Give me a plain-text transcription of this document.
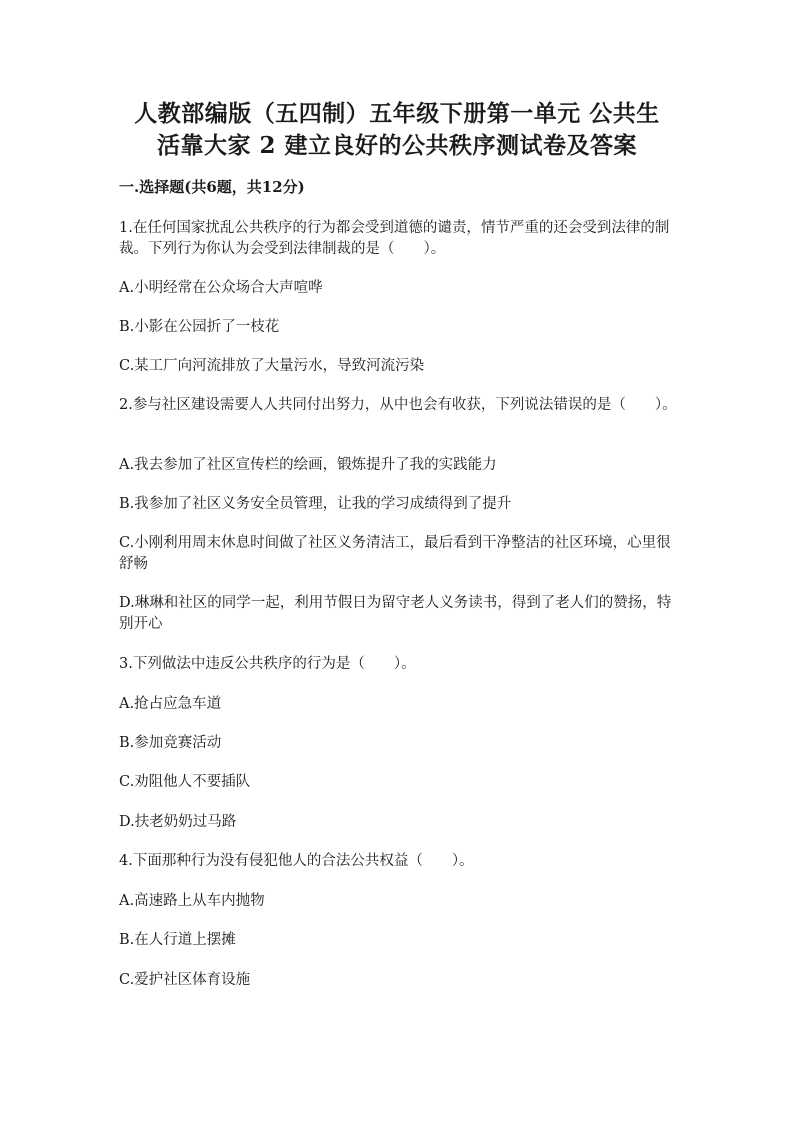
人教部编版（五四制）五年级下册第一单元 公共生
活靠大家 2 建立良好的公共秩序测试卷及答案
一.选择题(共6题，共12分)
1.在任何国家扰乱公共秩序的行为都会受到道德的谴责，情节严重的还会受到法律的制裁。下列行为你认为会受到法律制裁的是（　　）。
A.小明经常在公众场合大声喧哗
B.小影在公园折了一枝花
C.某工厂向河流排放了大量污水，导致河流污染
2.参与社区建设需要人人共同付出努力，从中也会有收获，下列说法错误的是（　　）。
A.我去参加了社区宣传栏的绘画，锻炼提升了我的实践能力
B.我参加了社区义务安全员管理，让我的学习成绩得到了提升
C.小刚利用周末休息时间做了社区义务清洁工，最后看到干净整洁的社区环境，心里很舒畅
D.琳琳和社区的同学一起，利用节假日为留守老人义务读书，得到了老人们的赞扬，特别开心
3.下列做法中违反公共秩序的行为是（　　）。
A.抢占应急车道
B.参加竞赛活动
C.劝阻他人不要插队
D.扶老奶奶过马路
4.下面那种行为没有侵犯他人的合法公共权益（　　）。
A.高速路上从车内抛物
B.在人行道上摆摊
C.爱护社区体育设施
